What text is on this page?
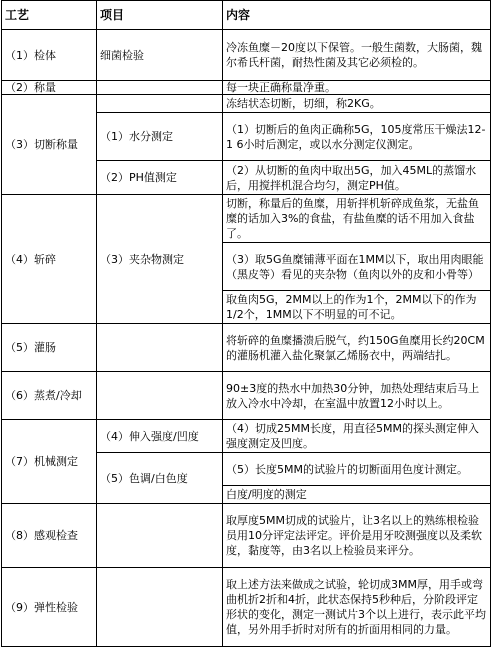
工艺	项目	内容
（1）检体	细菌检验	冷冻鱼糜－20度以下保管。一般生菌数，大肠菌，魏尔希氏杆菌，耐热性菌及其它必须检的。
（2）称量		每一块正确称量净重。
（3）切断称量		冻结状态切断，切细，称2KG。
	（1）水分测定	（1）切断后的鱼肉正确称5G，105度常压干燥法12-1 6小时后测定，或以水分测定仪测定。
	（2）PH值测定	（2）从切断的鱼肉中取出5G，加入45ML的蒸馏水后，用搅拌机混合均匀，测定PH值。
（4）斩碎	（3）夹杂物测定	切断，称量后的鱼糜，用斩拌机斩碎成鱼浆，无盐鱼糜的话加入3%的食盐，有盐鱼糜的话不用加入食盐了。
		（3）取5G鱼糜铺薄平面在1MM以下，取出用肉眼能（黑皮等）看见的夹杂物（鱼肉以外的皮和小骨等）
		取鱼肉5G，2MM以上的作为1个，2MM以下的作为1/2个，1MM以下不明显的可不记。
（5）灌肠		将斩碎的鱼糜播溃后脱气，约150G鱼糜用长约20CM的灌肠机灌入盐化聚氯乙烯肠衣中，两端结扎。
（6）蒸煮/冷却		90±3度的热水中加热30分钟，加热处理结束后马上放入冷水中冷却，在室温中放置12小时以上。
（7）机械测定	（4）伸入强度/凹度	（4）切成25MM长度，用直径5MM的探头测定伸入强度测定及凹度。
	（5）色调/白色度	（5）长度5MM的试验片的切断面用色度计测定。
		白度/明度的测定
（8）感观检查		取厚度5MM切成的试验片，让3名以上的熟练根检验员用10分评定法评定。评价是用牙咬测强度以及柔软度，黏度等，由3名以上检验员来评分。
（9）弹性检验		取上述方法来做成之试验，轮切成3MM厚，用手或弯曲机折2折和4折，此状态保持5秒种后，分阶段评定形状的变化，测定一测试片3个以上进行，表示此平均值，另外用手折时对所有的折面用相同的力量。
